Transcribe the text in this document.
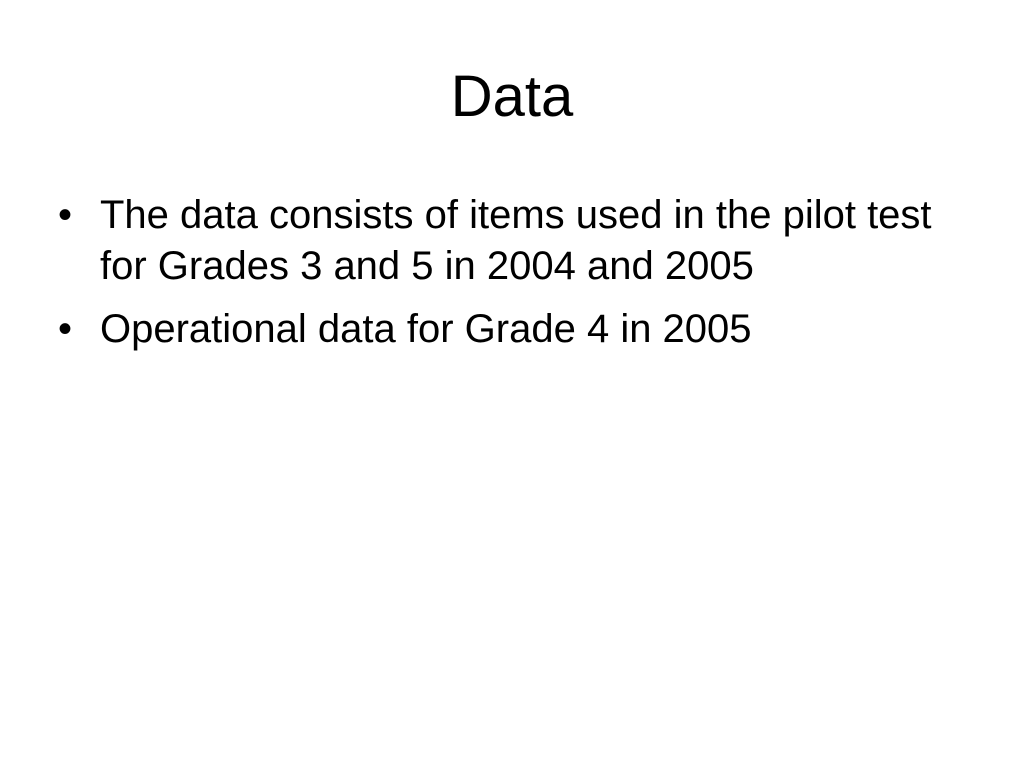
Data
• The data consists of items used in the pilot test for Grades 3 and 5 in 2004 and 2005
• Operational data for Grade 4 in 2005
